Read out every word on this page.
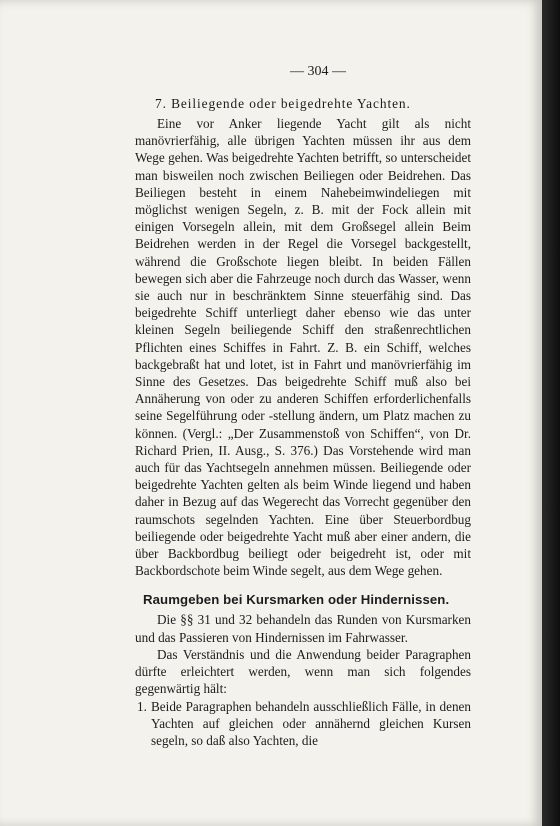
— 304 —
7. Beiliegende oder beigedrehte Yachten.

Eine vor Anker liegende Yacht gilt als nicht manövrierfähig, alle übrigen Yachten müssen ihr aus dem Wege gehen. Was beigedrehte Yachten betrifft, so unterscheidet man bisweilen noch zwischen Beiliegen oder Beidrehen. Das Beiliegen besteht in einem Nahebeimwindeliegen mit möglichst wenigen Segeln, z. B. mit der Fock allein mit einigen Vorsegeln allein, mit dem Großsegel allein Beim Beidrehen werden in der Regel die Vorsegel backgestellt, während die Großschote liegen bleibt. In beiden Fällen bewegen sich aber die Fahrzeuge noch durch das Wasser, wenn sie auch nur in beschränktem Sinne steuerfähig sind. Das beigedrehte Schiff unterliegt daher ebenso wie das unter kleinen Segeln beiliegende Schiff den straßenrechtlichen Pflichten eines Schiffes in Fahrt. Z. B. ein Schiff, welches backgebraßt hat und lotet, ist in Fahrt und manövrierfähig im Sinne des Gesetzes. Das beigedrehte Schiff muß also bei Annäherung von oder zu anderen Schiffen erforderlichenfalls seine Segelführung oder -stellung ändern, um Platz machen zu können. (Vergl.: „Der Zusammenstoß von Schiffen“, von Dr. Richard Prien, II. Ausg., S. 376.) Das Vorstehende wird man auch für das Yachtsegeln annehmen müssen. Beiliegende oder beigedrehte Yachten gelten als beim Winde liegend und haben daher in Bezug auf das Wegerecht das Vorrecht gegenüber den raumschots segelnden Yachten. Eine über Steuerbordbug beiliegende oder beigedrehte Yacht muß aber einer andern, die über Backbordbug beiliegt oder beigedreht ist, oder mit Backbordschote beim Winde segelt, aus dem Wege gehen.

Raumgeben bei Kursmarken oder Hindernissen.

Die §§ 31 und 32 behandeln das Runden von Kursmarken und das Passieren von Hindernissen im Fahrwasser.

Das Verständnis und die Anwendung beider Paragraphen dürfte erleichtert werden, wenn man sich folgendes gegenwärtig hält:

1. Beide Paragraphen behandeln ausschließlich Fälle, in denen Yachten auf gleichen oder annähernd gleichen Kursen segeln, so daß also Yachten, die
